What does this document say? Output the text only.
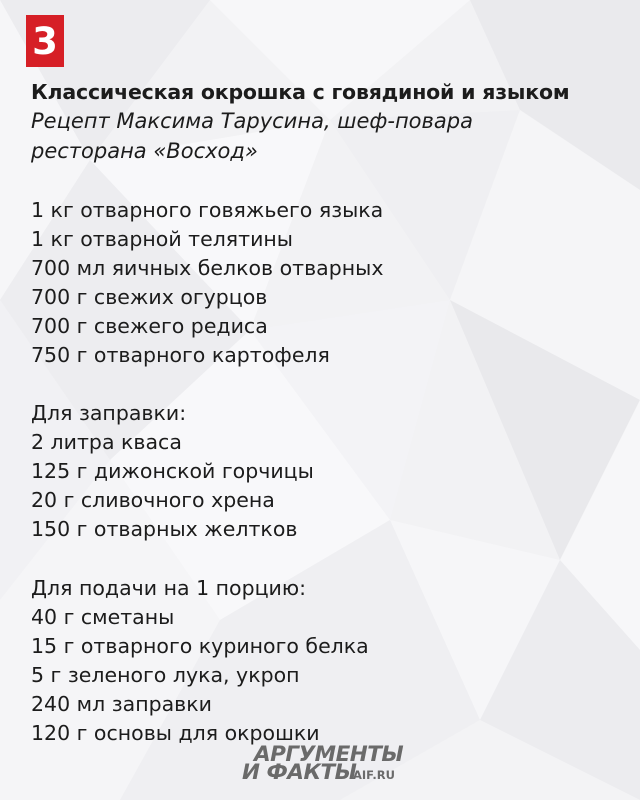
3
Классическая окрошка с говядиной и языком
Рецепт Максима Тарусина, шеф-повара
ресторана «Восход»
1 кг отварного говяжьего языка
1 кг отварной телятины
700 мл яичных белков отварных
700 г свежих огурцов
700 г свежего редиса
750 г отварного картофеля
Для заправки:
2 литра кваса
125 г дижонской горчицы
20 г сливочного хрена
150 г отварных желтков
Для подачи на 1 порцию:
40 г сметаны
15 г отварного куриного белка
5 г зеленого лука, укроп
240 мл заправки
120 г основы для окрошки
АРГУМЕНТЫ
И ФАКТЫ
AIF.RU
